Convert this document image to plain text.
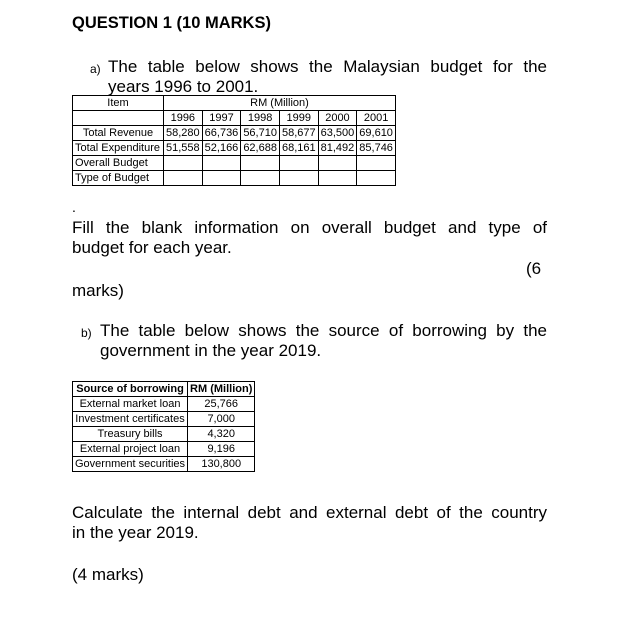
QUESTION 1 (10 MARKS)
a) The table below shows the Malaysian budget for the
years 1996 to 2001.
Item	RM (Million)					
	1996	1997	1998	1999	2000	2001
Total Revenue	58,280	66,736	56,710	58,677	63,500	69,610
Total Expenditure	51,558	52,166	62,688	68,161	81,492	85,746
Overall Budget						
Type of Budget						
.
Fill the blank information on overall budget and type of
budget for each year.
(6
marks)
b) The table below shows the source of borrowing by the
government in the year 2019.
Source of borrowing	RM (Million)
External market loan	25,766
Investment certificates	7,000
Treasury bills	4,320
External project loan	9,196
Government securities	130,800
Calculate the internal debt and external debt of the country
in the year 2019.
(4 marks)
